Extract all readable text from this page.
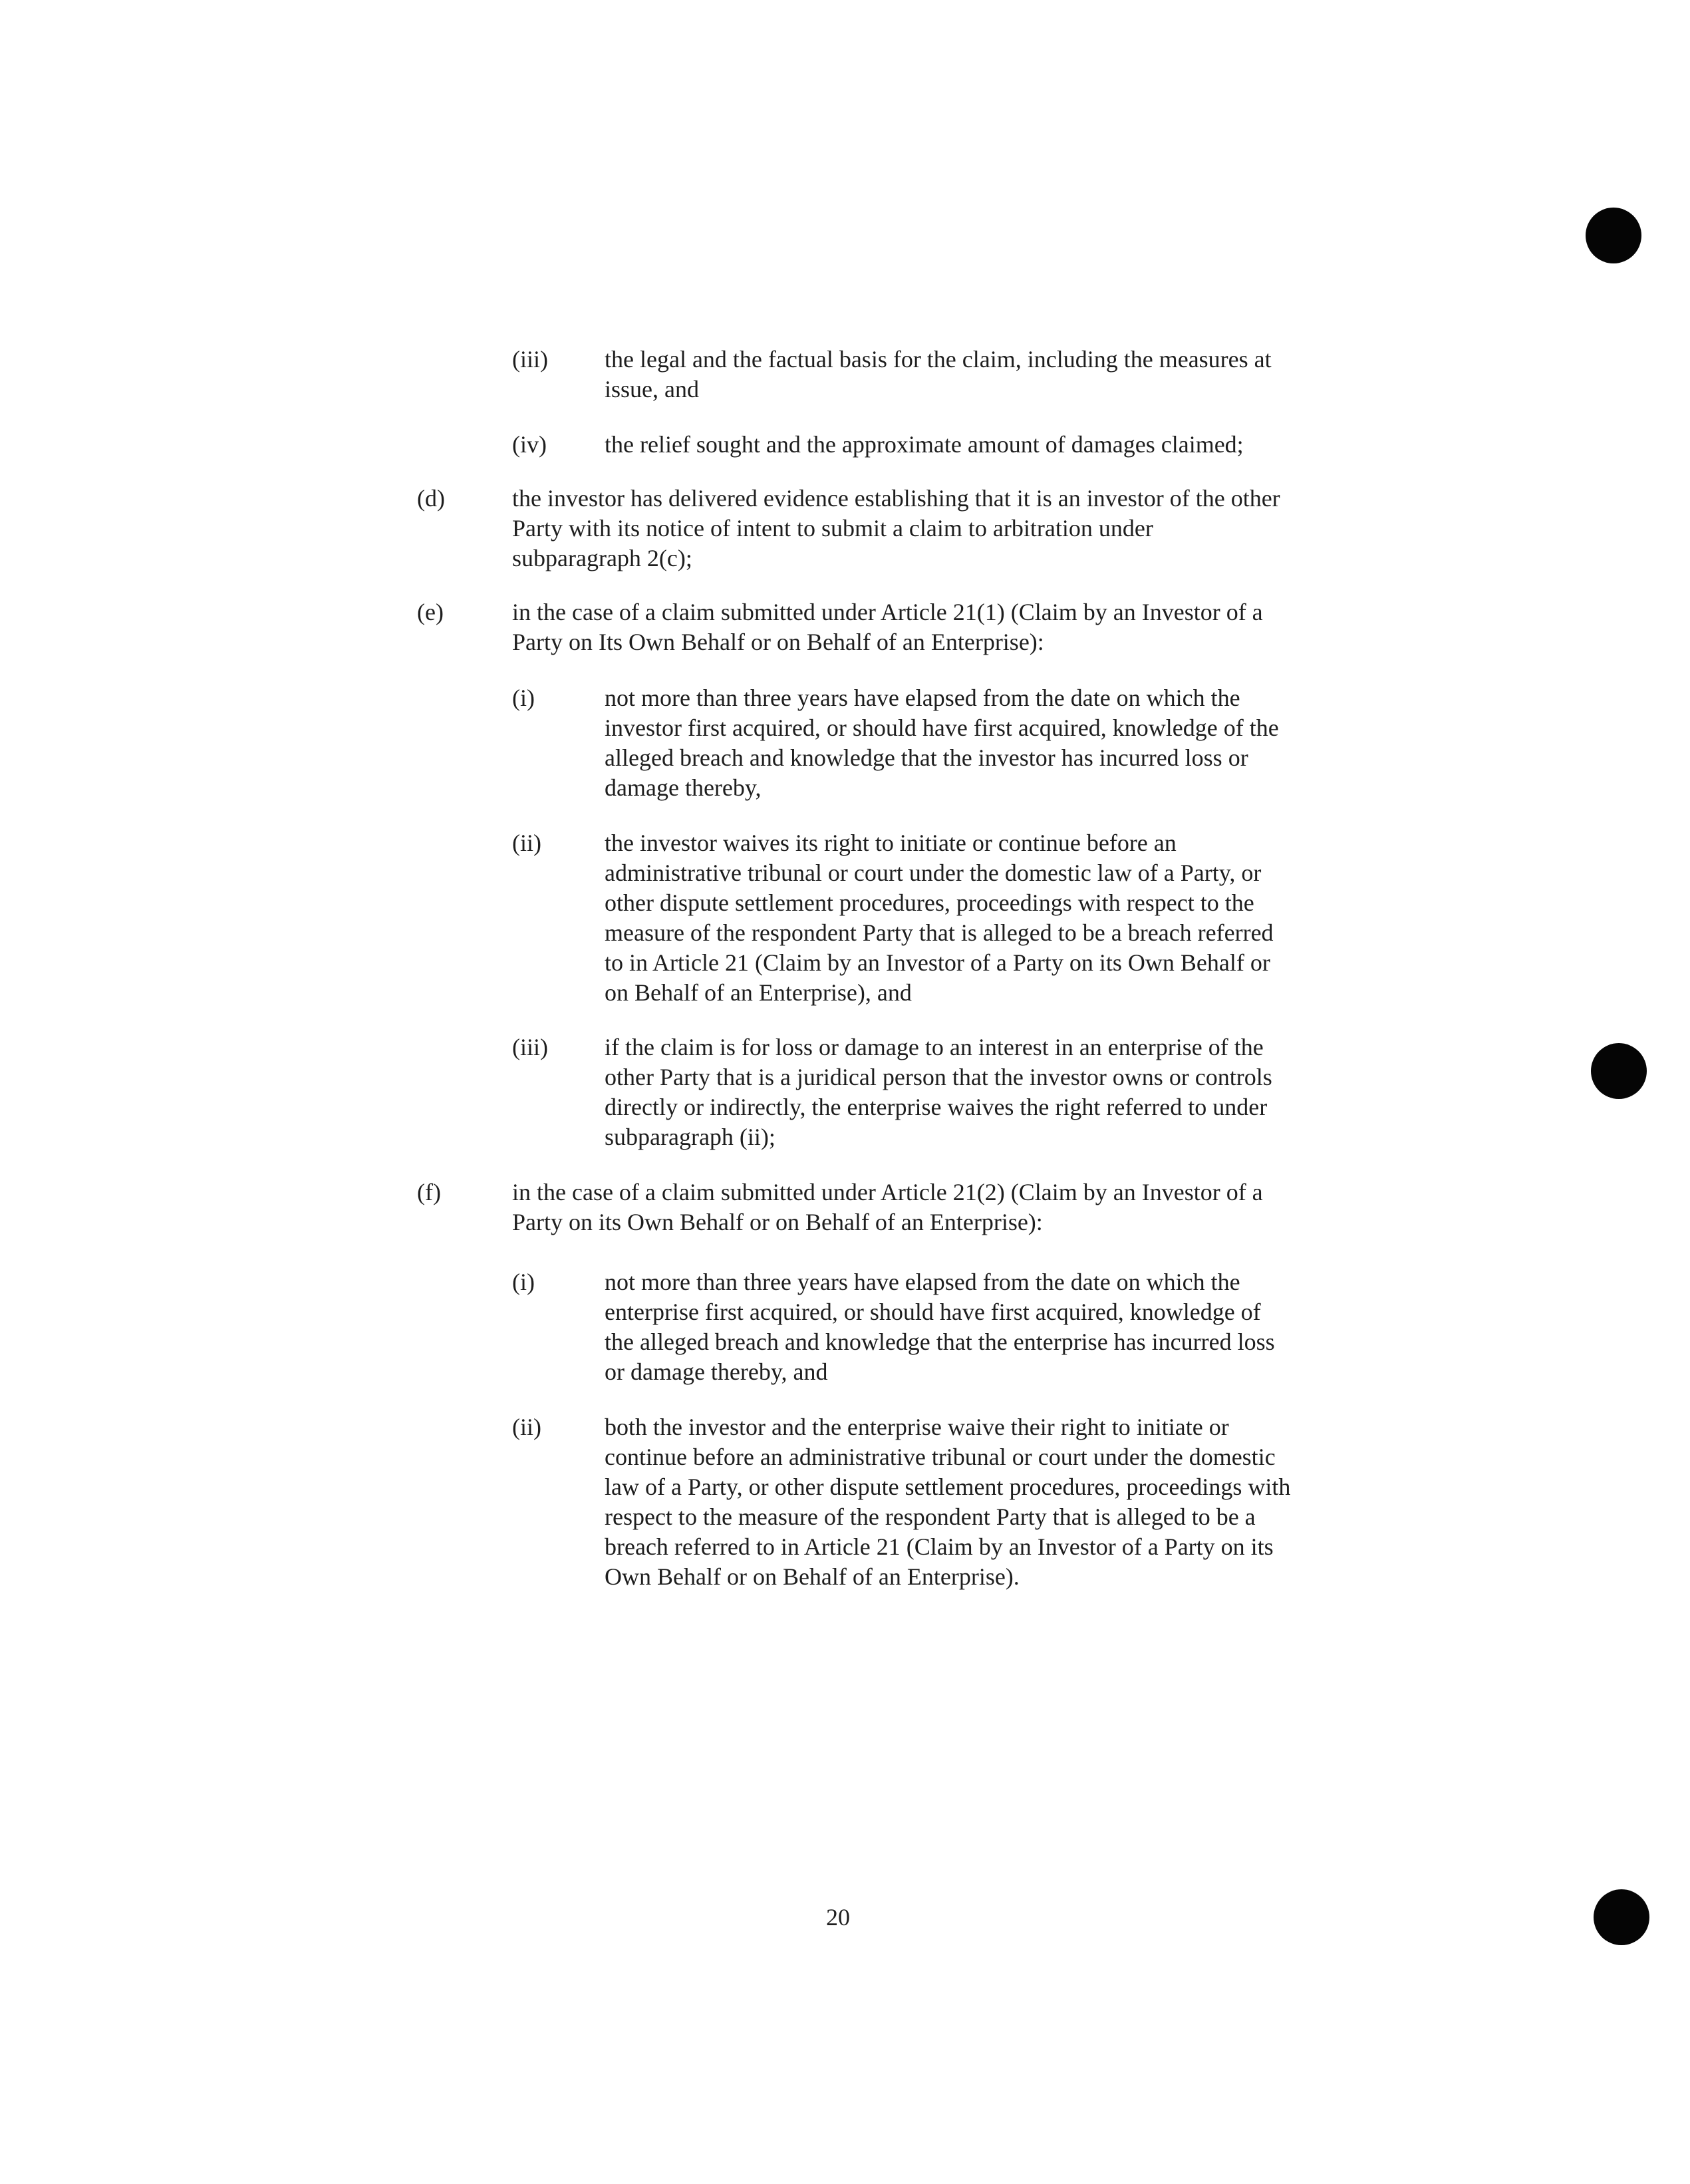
(iii) the legal and the factual basis for the claim, including the measures at
issue, and
(iv) the relief sought and the approximate amount of damages claimed;
(d)	the investor has delivered evidence establishing that it is an investor of the other
Party with its notice of intent to submit a claim to arbitration under
subparagraph 2(c);
(e)	in the case of a claim submitted under Article 21(1) (Claim by an Investor of a
Party on Its Own Behalf or on Behalf of an Enterprise):
(i)	not more than three years have elapsed from the date on which the
investor first acquired, or should have first acquired, knowledge of the
alleged breach and knowledge that the investor has incurred loss or
damage thereby,
(ii)	the investor waives its right to initiate or continue before an
administrative tribunal or court under the domestic law of a Party, or
other dispute settlement procedures, proceedings with respect to the
measure of the respondent Party that is alleged to be a breach referred
to in Article 21 (Claim by an Investor of a Party on its Own Behalf or
on Behalf of an Enterprise), and
(iii) if the claim is for loss or damage to an interest in an enterprise of the
other Party that is a juridical person that the investor owns or controls
directly or indirectly, the enterprise waives the right referred to under
subparagraph (ii);
(f)	in the case of a claim submitted under Article 21(2) (Claim by an Investor of a
Party on its Own Behalf or on Behalf of an Enterprise):
(i)	not more than three years have elapsed from the date on which the
enterprise first acquired, or should have first acquired, knowledge of
the alleged breach and knowledge that the enterprise has incurred loss
or damage thereby, and
(ii)	both the investor and the enterprise waive their right to initiate or
continue before an administrative tribunal or court under the domestic
law of a Party, or other dispute settlement procedures, proceedings with
respect to the measure of the respondent Party that is alleged to be a
breach referred to in Article 21 (Claim by an Investor of a Party on its
Own Behalf or on Behalf of an Enterprise).
20
